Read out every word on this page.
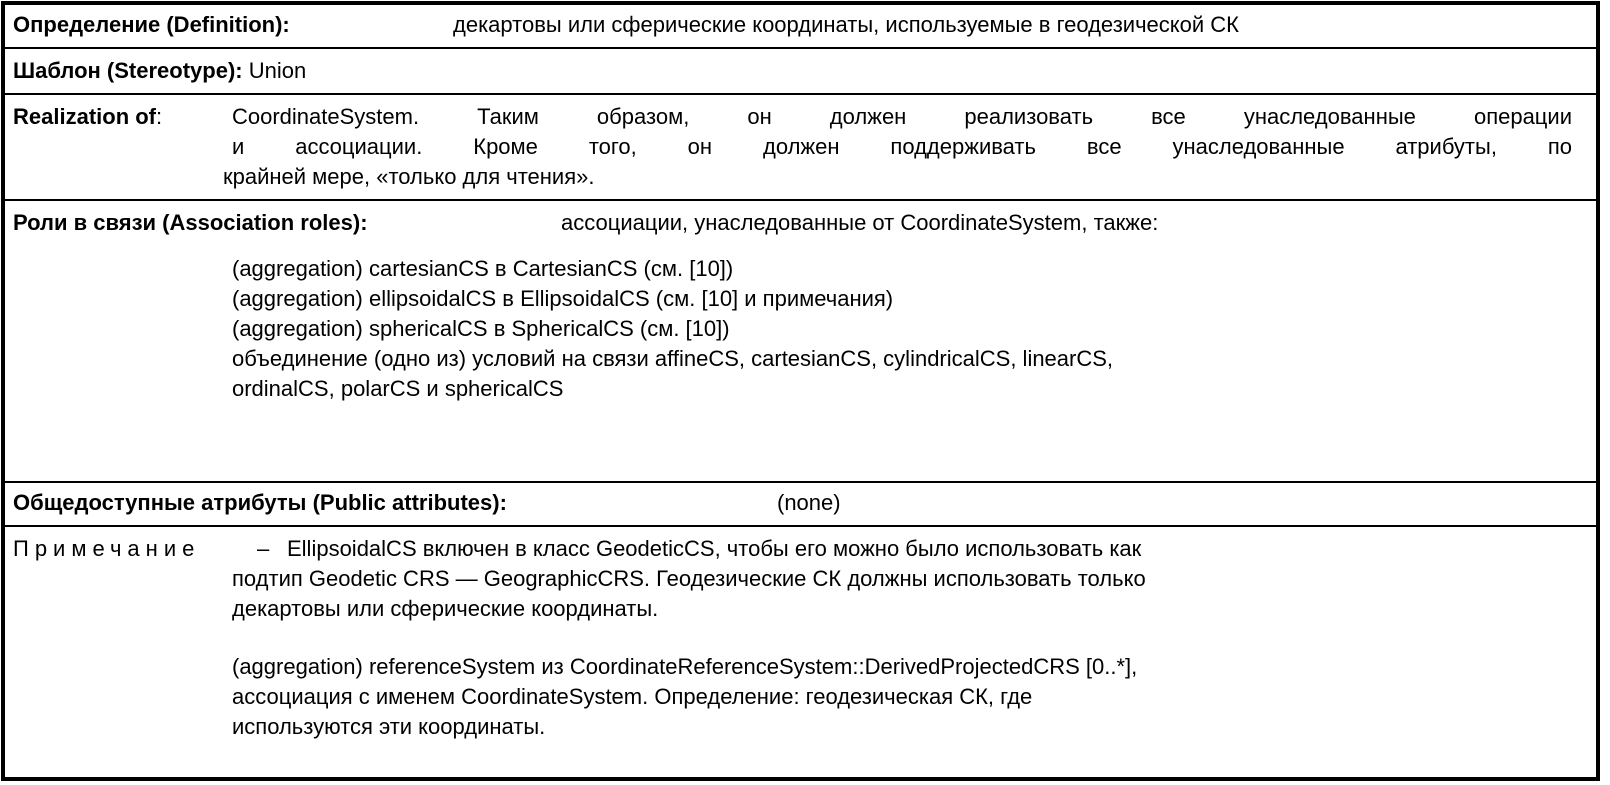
Определение (Definition):	декартовы или сферические координаты, используемые в геодезической СК
Шаблон (Stereotype): Union
Realization of:	CoordinateSystem. Таким образом, он должен реализовать все унаследованные операции
и ассоциации. Кроме того, он должен поддерживать все унаследованные атрибуты, по
крайней мере, «только для чтения».
Роли в связи (Association roles):	ассоциации, унаследованные от CoordinateSystem, также:
(aggregation) cartesianCS в CartesianCS (см. [10])
(aggregation) ellipsoidalCS в EllipsoidalCS (см. [10] и примечания)
(aggregation) sphericalCS в SphericalCS (см. [10])
объединение (одно из) условий на связи affineCS, cartesianCS, cylindricalCS, linearCS,
ordinalCS, polarCS и sphericalCS
Общедоступные атрибуты (Public attributes):	(none)
Примечание	– EllipsoidalCS включен в класс GeodeticCS, чтобы его можно было использовать как
подтип Geodetic CRS — GeographicCRS. Геодезические СК должны использовать только
декартовы или сферические координаты.
(aggregation) referenceSystem из CoordinateReferenceSystem::DerivedProjectedCRS [0..*],
ассоциация с именем CoordinateSystem. Определение: геодезическая СК, где
используются эти координаты.
